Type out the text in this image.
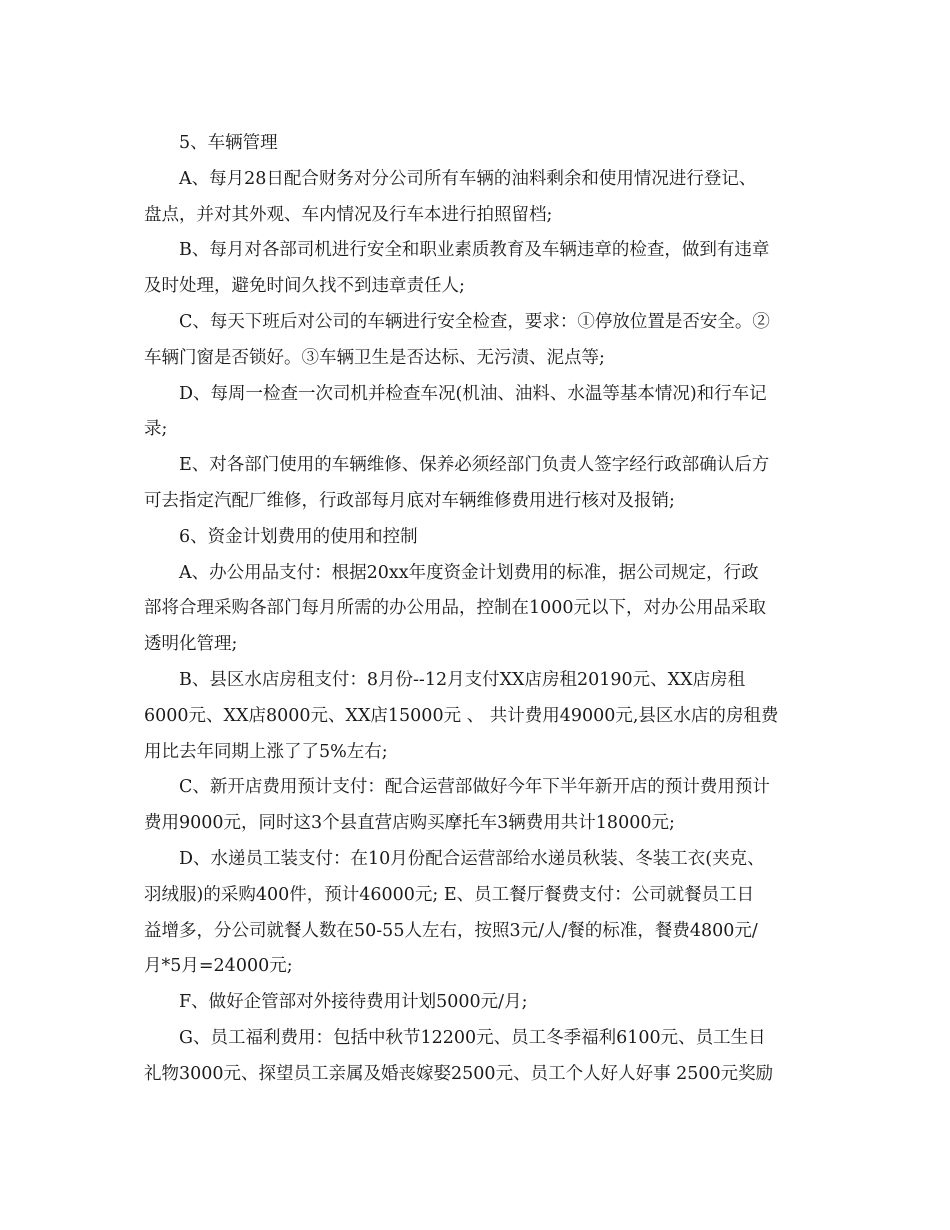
5、车辆管理
A、每月28日配合财务对分公司所有车辆的油料剩余和使用情况进行登记、
盘点，并对其外观、车内情况及行车本进行拍照留档;
B、每月对各部司机进行安全和职业素质教育及车辆违章的检查，做到有违章
及时处理，避免时间久找不到违章责任人;
C、每天下班后对公司的车辆进行安全检查，要求：①停放位置是否安全。②
车辆门窗是否锁好。③车辆卫生是否达标、无污渍、泥点等;
D、每周一检查一次司机并检查车况(机油、油料、水温等基本情况)和行车记
录;
E、对各部门使用的车辆维修、保养必须经部门负责人签字经行政部确认后方
可去指定汽配厂维修，行政部每月底对车辆维修费用进行核对及报销;
6、资金计划费用的使用和控制
A、办公用品支付：根据20xx年度资金计划费用的标准，据公司规定，行政
部将合理采购各部门每月所需的办公用品，控制在1000元以下，对办公用品采取
透明化管理;
B、县区水店房租支付：8月份--12月支付XX店房租20190元、XX店房租
6000元、XX店8000元、XX店15000元 、 共计费用49000元,县区水店的房租费
用比去年同期上涨了了5%左右;
C、新开店费用预计支付：配合运营部做好今年下半年新开店的预计费用预计
费用9000元，同时这3个县直营店购买摩托车3辆费用共计18000元;
D、水递员工装支付：在10月份配合运营部给水递员秋装、冬装工衣(夹克、
羽绒服)的采购400件，预计46000元; E、员工餐厅餐费支付：公司就餐员工日
益增多，分公司就餐人数在50-55人左右，按照3元/人/餐的标准，餐费4800元/
月*5月=24000元;
F、做好企管部对外接待费用计划5000元/月;
G、员工福利费用：包括中秋节12200元、员工冬季福利6100元、员工生日
礼物3000元、探望员工亲属及婚丧嫁娶2500元、员工个人好人好事 2500元奖励
